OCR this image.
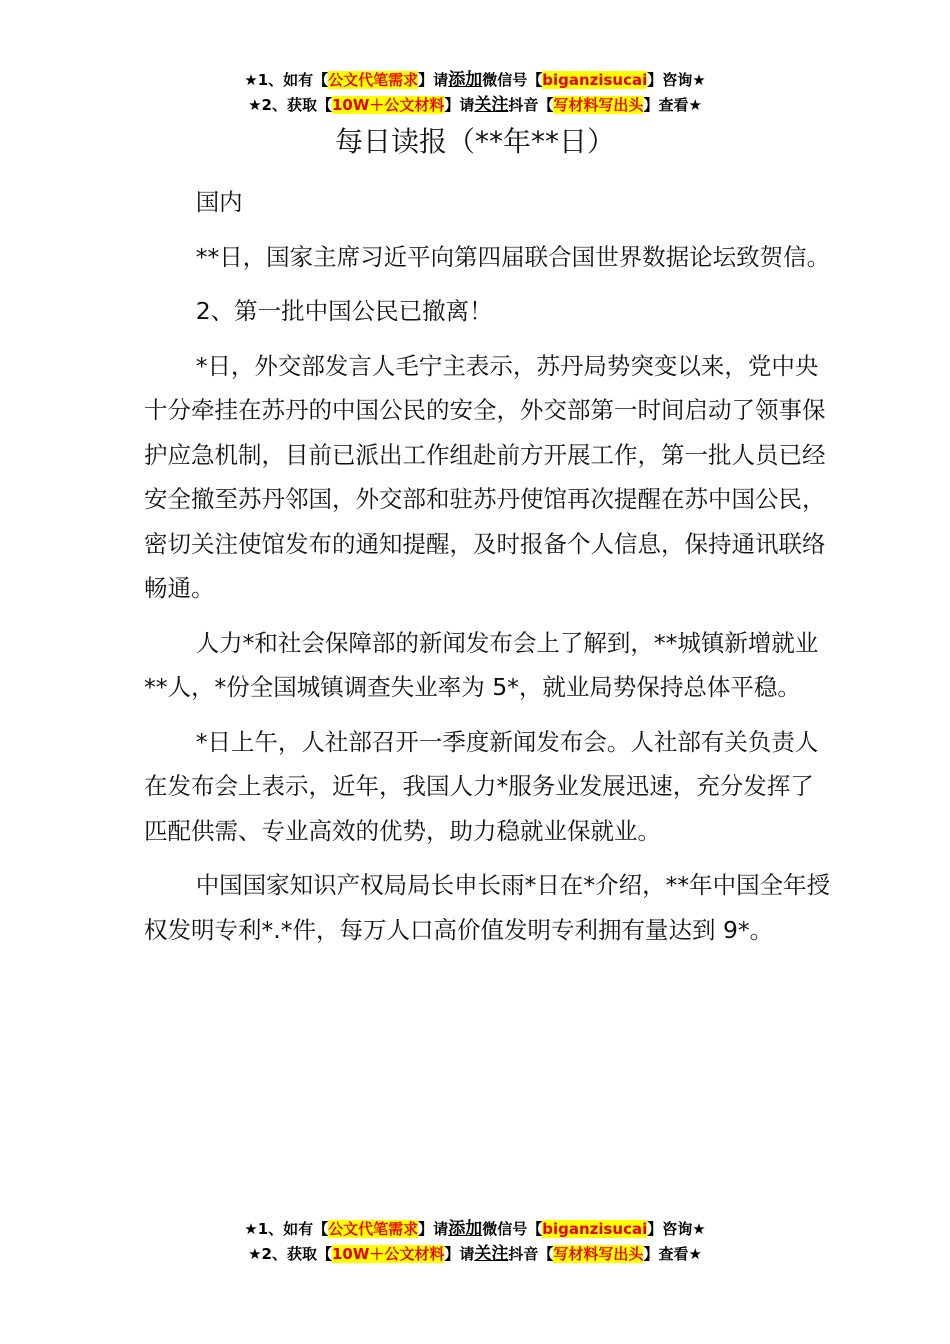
★1、如有【公文代笔需求】请添加微信号【biganzisucai】咨询★
★2、获取【10W＋公文材料】请关注抖音【写材料写出头】查看★
每日读报（**年**日）

国内

**日，国家主席习近平向第四届联合国世界数据论坛致贺信。

2、第一批中国公民已撤离！

*日，外交部发言人毛宁主表示，苏丹局势突变以来，党中央十分牵挂在苏丹的中国公民的安全，外交部第一时间启动了领事保护应急机制，目前已派出工作组赴前方开展工作，第一批人员已经安全撤至苏丹邻国，外交部和驻苏丹使馆再次提醒在苏中国公民，密切关注使馆发布的通知提醒，及时报备个人信息，保持通讯联络畅通。

人力*和社会保障部的新闻发布会上了解到，**城镇新增就业**人，*份全国城镇调查失业率为 5*，就业局势保持总体平稳。

*日上午，人社部召开一季度新闻发布会。人社部有关负责人在发布会上表示，近年，我国人力*服务业发展迅速，充分发挥了匹配供需、专业高效的优势，助力稳就业保就业。

中国国家知识产权局局长申长雨*日在*介绍，**年中国全年授权发明专利*.*件，每万人口高价值发明专利拥有量达到 9*。

★1、如有【公文代笔需求】请添加微信号【biganzisucai】咨询★
★2、获取【10W＋公文材料】请关注抖音【写材料写出头】查看★
